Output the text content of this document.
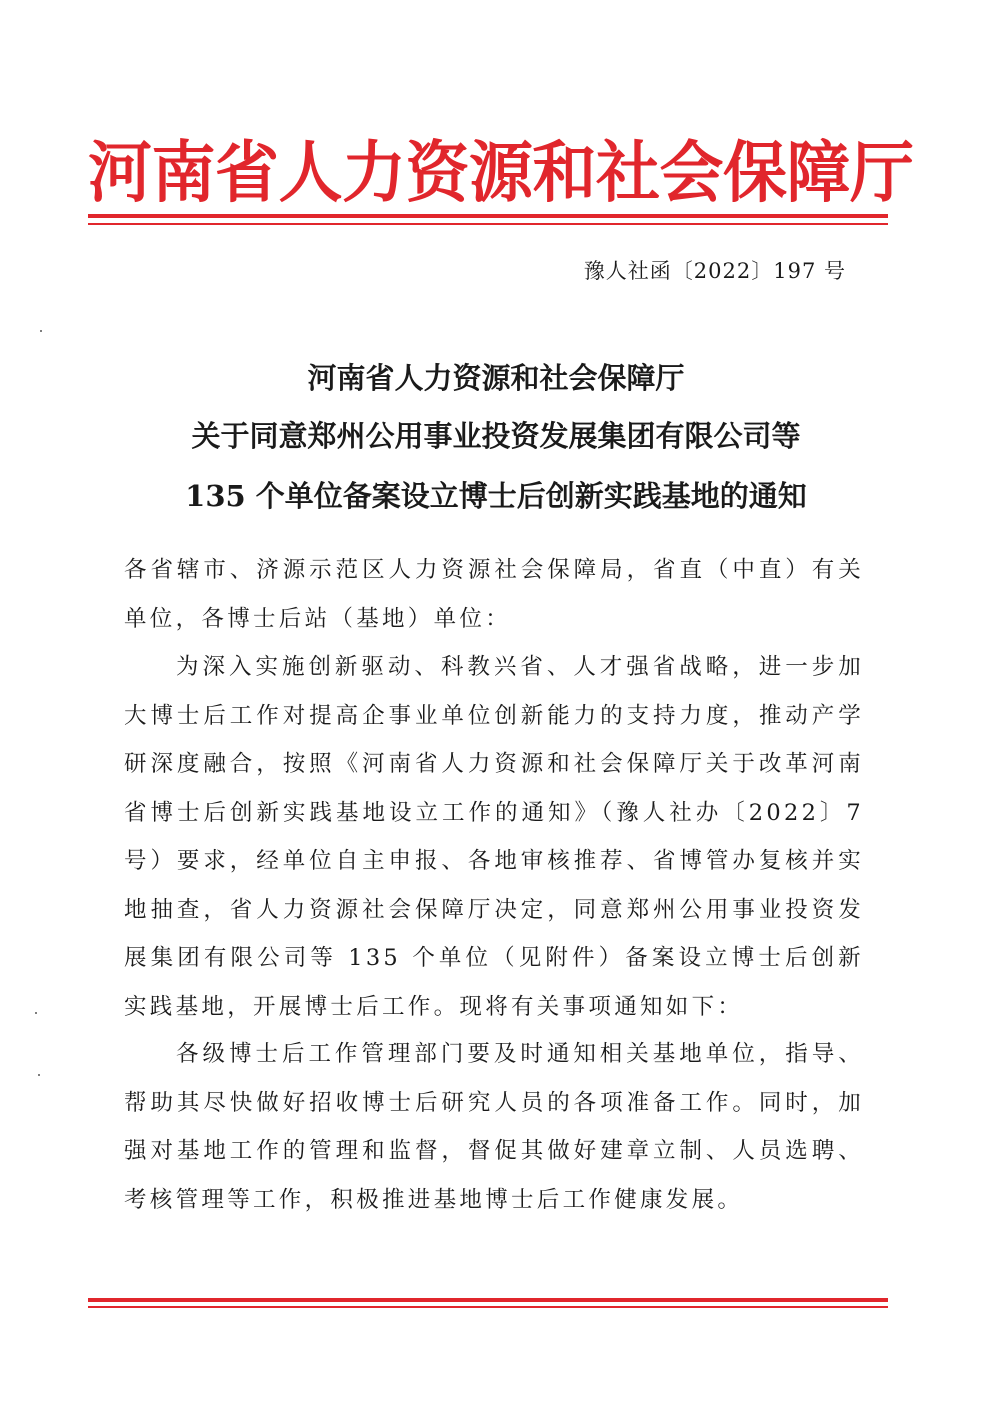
河南省人力资源和社会保障厅
豫人社函〔2022〕197 号
河南省人力资源和社会保障厅
关于同意郑州公用事业投资发展集团有限公司等
135 个单位备案设立博士后创新实践基地的通知
各省辖市、济源示范区人力资源社会保障局，省直（中直）有关单位，各博士后站（基地）单位：
为深入实施创新驱动、科教兴省、人才强省战略，进一步加大博士后工作对提高企事业单位创新能力的支持力度，推动产学研深度融合，按照《河南省人力资源和社会保障厅关于改革河南省博士后创新实践基地设立工作的通知》（豫人社办〔2022〕7 号）要求，经单位自主申报、各地审核推荐、省博管办复核并实地抽查，省人力资源社会保障厅决定，同意郑州公用事业投资发展集团有限公司等 135 个单位（见附件）备案设立博士后创新实践基地，开展博士后工作。现将有关事项通知如下：
各级博士后工作管理部门要及时通知相关基地单位，指导、帮助其尽快做好招收博士后研究人员的各项准备工作。同时，加强对基地工作的管理和监督，督促其做好建章立制、人员选聘、考核管理等工作，积极推进基地博士后工作健康发展。
